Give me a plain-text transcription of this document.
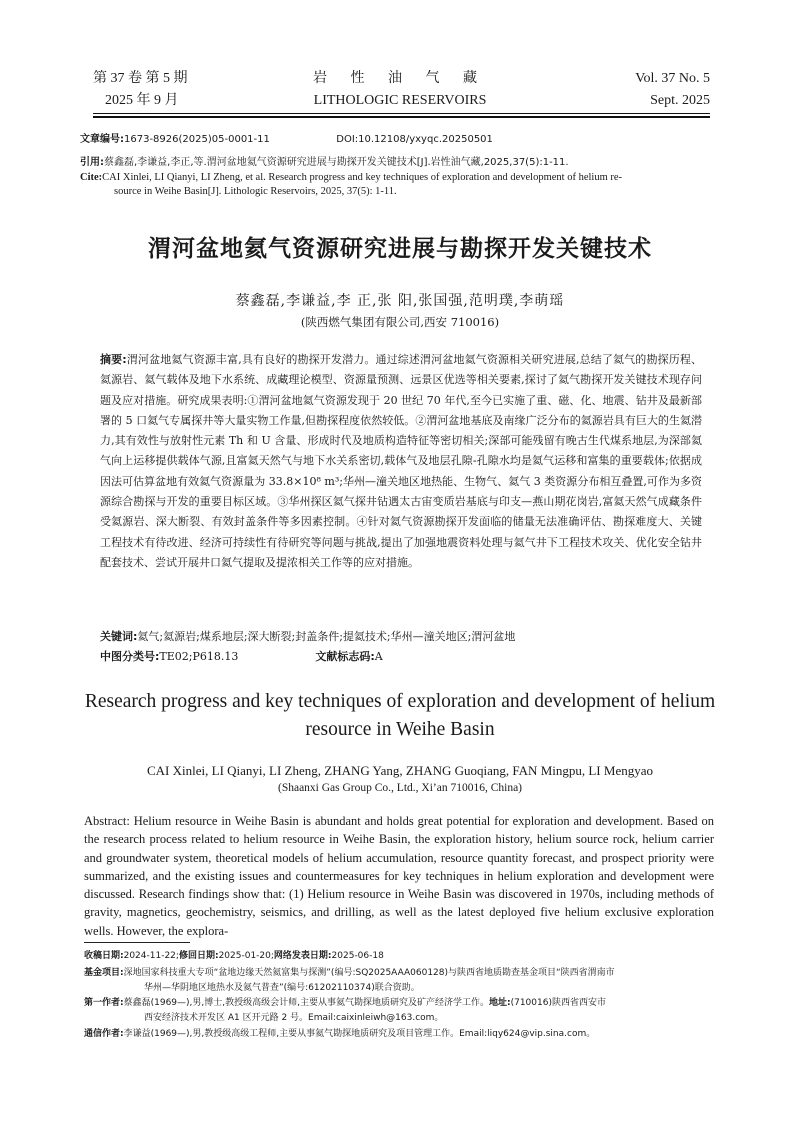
第 37 卷 第 5 期
2025 年 9 月
岩 性 油 气 藏
LITHOLOGIC RESERVOIRS
Vol. 37 No. 5
Sept. 2025
文章编号:1673-8926(2025)05-0001-11	DOI:10.12108/yxyqc.20250501
引用:蔡鑫磊,李谦益,李正,等.渭河盆地氦气资源研究进展与勘探开发关键技术[J].岩性油气藏,2025,37(5):1-11.
Cite:CAI Xinlei, LI Qianyi, LI Zheng, et al. Research progress and key techniques of exploration and development of helium re-
source in Weihe Basin[J]. Lithologic Reservoirs, 2025, 37(5): 1-11.
渭河盆地氦气资源研究进展与勘探开发关键技术
蔡鑫磊,李谦益,李 正,张 阳,张国强,范明璞,李萌瑶
(陕西燃气集团有限公司,西安 710016)
摘要:渭河盆地氦气资源丰富,具有良好的勘探开发潜力。通过综述渭河盆地氦气资源相关研究进展,总结了氦气的勘探历程、氦源岩、氦气载体及地下水系统、成藏理论模型、资源量预测、远景区优选等相关要素,探讨了氦气勘探开发关键技术现存问题及应对措施。研究成果表明:①渭河盆地氦气资源发现于 20 世纪 70 年代,至今已实施了重、磁、化、地震、钻井及最新部署的 5 口氦气专属探井等大量实物工作量,但勘探程度依然较低。②渭河盆地基底及南缘广泛分布的氦源岩具有巨大的生氦潜力,其有效性与放射性元素 Th 和 U 含量、形成时代及地质构造特征等密切相关;深部可能残留有晚古生代煤系地层,为深部氦气向上运移提供载体气源,且富氦天然气与地下水关系密切,载体气及地层孔隙-孔隙水均是氦气运移和富集的重要载体;依据成因法可估算盆地有效氦气资源量为 33.8×10⁸ m³;华州—潼关地区地热能、生物气、氦气 3 类资源分布相互叠置,可作为多资源综合勘探与开发的重要目标区域。③华州探区氦气探井钻遇太古宙变质岩基底与印支—燕山期花岗岩,富氦天然气成藏条件受氦源岩、深大断裂、有效封盖条件等多因素控制。④针对氦气资源勘探开发面临的储量无法准确评估、勘探难度大、关键工程技术有待改进、经济可持续性有待研究等问题与挑战,提出了加强地震资料处理与氦气井下工程技术攻关、优化安全钻井配套技术、尝试开展井口氦气提取及提浓相关工作等的应对措施。
关键词:氦气;氦源岩;煤系地层;深大断裂;封盖条件;提氦技术;华州—潼关地区;渭河盆地
中图分类号:TE02;P618.13	文献标志码:A
Research progress and key techniques of exploration and development of helium resource in Weihe Basin
CAI Xinlei, LI Qianyi, LI Zheng, ZHANG Yang, ZHANG Guoqiang, FAN Mingpu, LI Mengyao
(Shaanxi Gas Group Co., Ltd., Xi’an 710016, China)
Abstract: Helium resource in Weihe Basin is abundant and holds great potential for exploration and development. Based on the research process related to helium resource in Weihe Basin, the exploration history, helium source rock, helium carrier and groundwater system, theoretical models of helium accumulation, resource quantity forecast, and prospect priority were summarized, and the existing issues and countermeasures for key techniques in helium exploration and development were discussed. Research findings show that: (1) Helium resource in Weihe Basin was discovered in 1970s, including methods of gravity, magnetics, geochemistry, seismics, and drilling, as well as the latest deployed five helium exclusive exploration wells. However, the explora-
收稿日期:2024-11-22;修回日期:2025-01-20;网络发表日期:2025-06-18
基金项目:深地国家科技重大专项“盆地边缘天然氦富集与探测”(编号:SQ2025AAA060128)与陕西省地质勘查基金项目“陕西省渭南市
华州—华阴地区地热水及氦气普查”(编号:61202110374)联合资助。
第一作者:蔡鑫磊(1969—),男,博士,教授级高级会计师,主要从事氦气勘探地质研究及矿产经济学工作。地址:(710016)陕西省西安市
西安经济技术开发区 A1 区开元路 2 号。Email:caixinleiwh@163.com。
通信作者:李谦益(1969—),男,教授级高级工程师,主要从事氦气勘探地质研究及项目管理工作。Email:liqy624@vip.sina.com。
